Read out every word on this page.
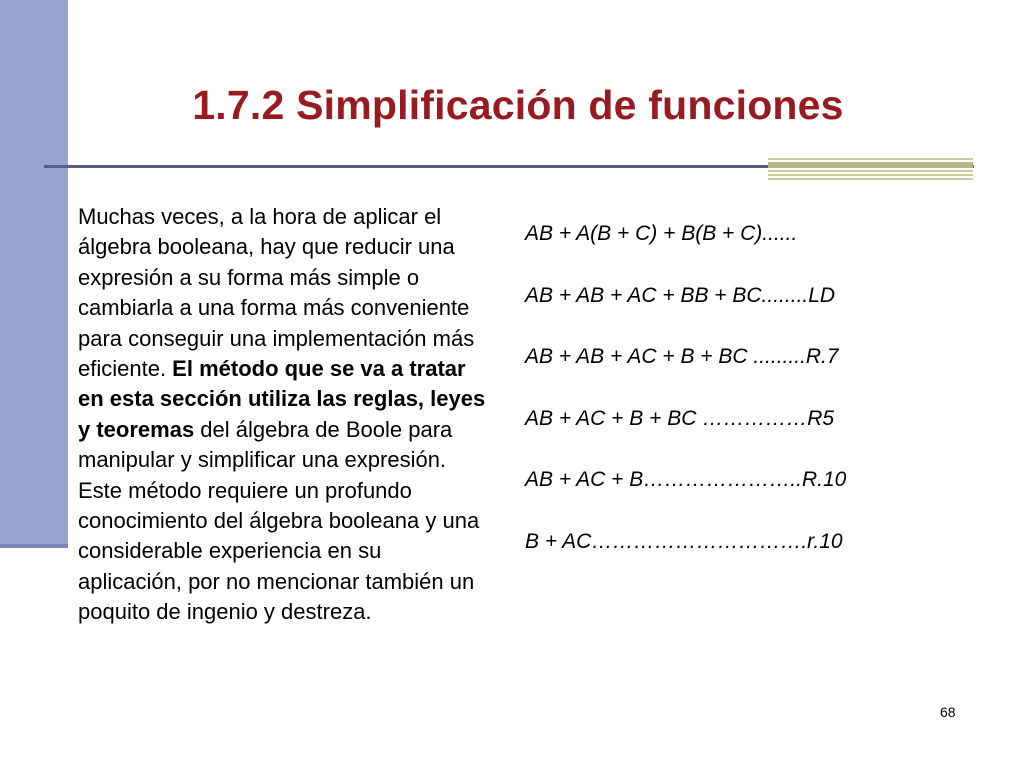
1.7.2 Simplificación de funciones

Muchas veces, a la hora de aplicar el álgebra booleana, hay que reducir una expresión a su forma más simple o cambiarla a una forma más conveniente para conseguir una implementación más eficiente. El método que se va a tratar en esta sección utiliza las reglas, leyes y teoremas del álgebra de Boole para
manipular y simplificar una expresión. Este método requiere un profundo conocimiento del álgebra booleana y una considerable experiencia en su aplicación, por no mencionar también un poquito de ingenio y destreza.

AB + A(B + C) + B(B + C)......
AB + AB + AC + BB + BC........LD
AB + AB + AC + B + BC .........R.7
AB + AC + B + BC ……………R5
AB + AC + B…………………..R.10
B + AC………………………….r.10
68
